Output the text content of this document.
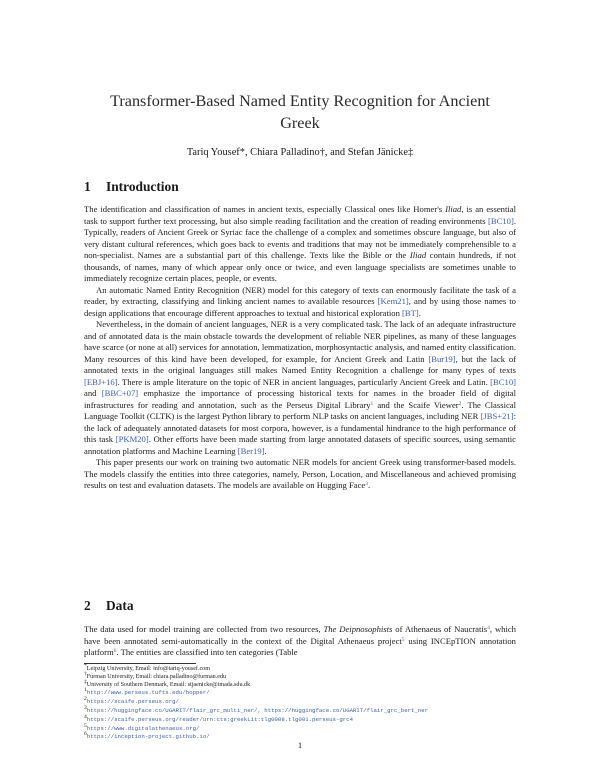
Transformer-Based Named Entity Recognition for Ancient
Greek
Tariq Yousef*, Chiara Palladino†, and Stefan Jänicke‡
1 Introduction

The identification and classification of names in ancient texts, especially Classical ones like Homer's Iliad, is an essential task to support further text processing, but also simple reading facilitation and the creation of reading environments [BC10]. Typically, readers of Ancient Greek or Syriac face the challenge of a complex and sometimes obscure language, but also of very distant cultural references, which goes back to events and traditions that may not be immediately comprehensible to a non-specialist. Names are a substantial part of this challenge. Texts like the Bible or the Iliad contain hundreds, if not thousands, of names, many of which appear only once or twice, and even language specialists are sometimes unable to immediately recognize certain places, people, or events.

An automatic Named Entity Recognition (NER) model for this category of texts can enormously facilitate the task of a reader, by extracting, classifying and linking ancient names to available resources [Kem21], and by using those names to design applications that encourage different approaches to textual and historical exploration [BT].

Nevertheless, in the domain of ancient languages, NER is a very complicated task. The lack of an adequate infrastructure and of annotated data is the main obstacle towards the development of reliable NER pipelines, as many of these languages have scarce (or none at all) services for annotation, lemmatization, morphosyntactic analysis, and named entity classification. Many resources of this kind have been developed, for example, for Ancient Greek and Latin [Bur19], but the lack of annotated texts in the original languages still makes Named Entity Recognition a challenge for many types of texts [EBJ+16]. There is ample literature on the topic of NER in ancient languages, particularly Ancient Greek and Latin. [BC10] and [BBC+07] emphasize the importance of processing historical texts for names in the broader field of digital infrastructures for reading and annotation, such as the Perseus Digital Library$^1$ and the Scaife Viewer$^2$. The Classical Language Toolkit (CLTK) is the largest Python library to perform NLP tasks on ancient languages, including NER [JBS+21]: the lack of adequately annotated datasets for most corpora, however, is a fundamental hindrance to the high performance of this task [PKM20]. Other efforts have been made starting from large annotated datasets of specific sources, using semantic annotation platforms and Machine Learning [Ber19].

This paper presents our work on training two automatic NER models for ancient Greek using transformer-based models. The models classify the entities into three categories, namely, Person, Location, and Miscellaneous and achieved promising results on test and evaluation datasets. The models are available on Hugging Face$^3$.

2 Data

The data used for model training are collected from two resources, The Deipnosophists of Athenaeus of Naucratis$^4$, which have been annotated semi-automatically in the context of the Digital Athenaeus project$^5$ using INCEpTION annotation platform$^6$. The entities are classified into ten categories (Table

*Leipzig University, Email: info@tariq-yousef.com
†Furman University, Email: chiara.palladino@furman.edu
‡University of Southern Denmark, Email: stjaenicke@imada.sdu.dk
$^1$http://www.perseus.tufts.edu/hopper/
$^2$https://scaife.perseus.org/
$^3$https://huggingface.co/UGARIT/flair_grc_multi_ner/, https://huggingface.co/UGARIT/flair_grc_bert_ner
$^4$https://scaife.perseus.org/reader/urn:cts:greekLit:tlg0008.tlg001.perseus-grc4
$^5$https://www.digitalathenaeus.org/
$^6$https://inception-project.github.io/
1
